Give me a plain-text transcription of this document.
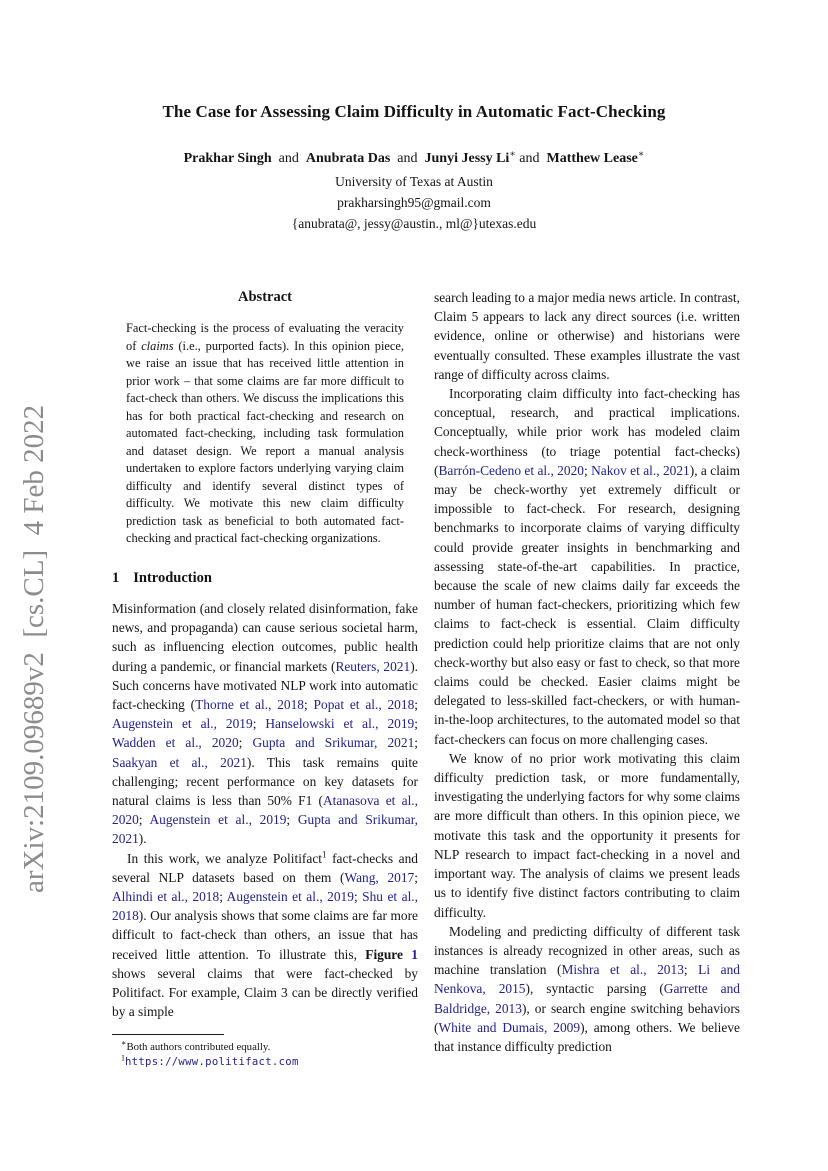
arXiv:2109.09689v2  [cs.CL]  4 Feb 2022
The Case for Assessing Claim Difficulty in Automatic Fact-Checking
Prakhar Singh  and  Anubrata Das  and  Junyi Jessy Li∗ and  Matthew Lease∗
University of Texas at Austin
prakharsingh95@gmail.com
{anubrata@, jessy@austin., ml@}utexas.edu
Abstract
Fact-checking is the process of evaluating the veracity of claims (i.e., purported facts). In this opinion piece, we raise an issue that has received little attention in prior work – that some claims are far more difficult to fact-check than others. We discuss the implications this has for both practical fact-checking and research on automated fact-checking, including task formulation and dataset design. We report a manual analysis undertaken to explore factors underlying varying claim difficulty and identify several distinct types of difficulty. We motivate this new claim difficulty prediction task as beneficial to both automated fact-checking and practical fact-checking organizations.
1 Introduction

Misinformation (and closely related disinformation, fake news, and propaganda) can cause serious societal harm, such as influencing election outcomes, public health during a pandemic, or financial markets (Reuters, 2021). Such concerns have motivated NLP work into automatic fact-checking (Thorne et al., 2018; Popat et al., 2018; Augenstein et al., 2019; Hanselowski et al., 2019; Wadden et al., 2020; Gupta and Srikumar, 2021; Saakyan et al., 2021). This task remains quite challenging; recent performance on key datasets for natural claims is less than 50% F1 (Atanasova et al., 2020; Augenstein et al., 2019; Gupta and Srikumar, 2021).

In this work, we analyze Politifact$^1$ fact-checks and several NLP datasets based on them (Wang, 2017; Alhindi et al., 2018; Augenstein et al., 2019; Shu et al., 2018). Our analysis shows that some claims are far more difficult to fact-check than others, an issue that has received little attention. To illustrate this, Figure 1 shows several claims that were fact-checked by Politifact. For example, Claim 3 can be directly verified by a simple

∗Both authors contributed equally.
$^1$https://www.politifact.com

search leading to a major media news article. In contrast, Claim 5 appears to lack any direct sources (i.e. written evidence, online or otherwise) and historians were eventually consulted. These examples illustrate the vast range of difficulty across claims.

Incorporating claim difficulty into fact-checking has conceptual, research, and practical implications. Conceptually, while prior work has modeled claim check-worthiness (to triage potential fact-checks) (Barrón-Cedeno et al., 2020; Nakov et al., 2021), a claim may be check-worthy yet extremely difficult or impossible to fact-check. For research, designing benchmarks to incorporate claims of varying difficulty could provide greater insights in benchmarking and assessing state-of-the-art capabilities. In practice, because the scale of new claims daily far exceeds the number of human fact-checkers, prioritizing which few claims to fact-check is essential. Claim difficulty prediction could help prioritize claims that are not only check-worthy but also easy or fast to check, so that more claims could be checked. Easier claims might be delegated to less-skilled fact-checkers, or with human-in-the-loop architectures, to the automated model so that fact-checkers can focus on more challenging cases.

We know of no prior work motivating this claim difficulty prediction task, or more fundamentally, investigating the underlying factors for why some claims are more difficult than others. In this opinion piece, we motivate this task and the opportunity it presents for NLP research to impact fact-checking in a novel and important way. The analysis of claims we present leads us to identify five distinct factors contributing to claim difficulty.

Modeling and predicting difficulty of different task instances is already recognized in other areas, such as machine translation (Mishra et al., 2013; Li and Nenkova, 2015), syntactic parsing (Garrette and Baldridge, 2013), or search engine switching behaviors (White and Dumais, 2009), among others. We believe that instance difficulty prediction
